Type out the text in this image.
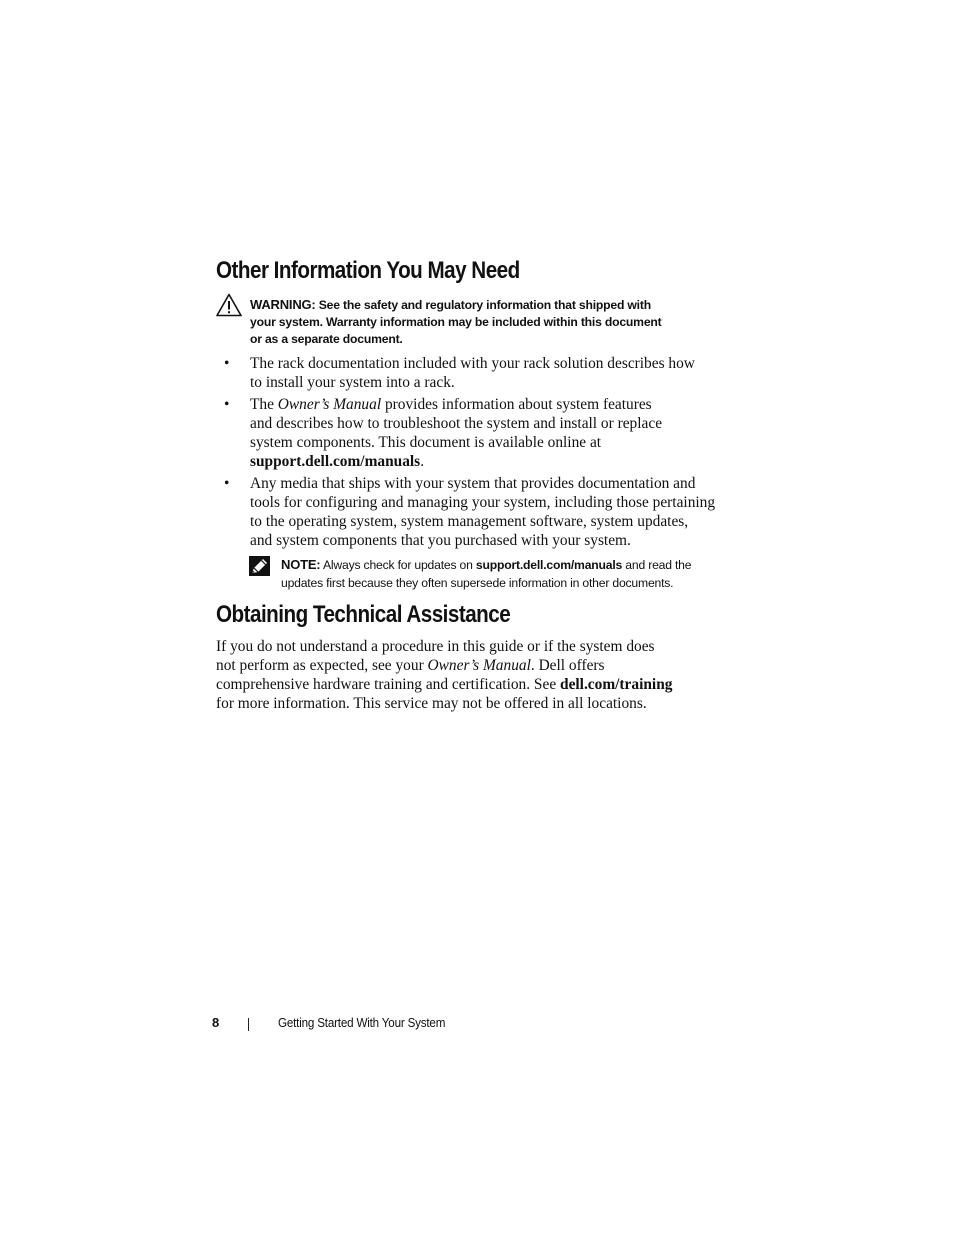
Other Information You May Need
WARNING: See the safety and regulatory information that shipped with
your system. Warranty information may be included within this document
or as a separate document.
• The rack documentation included with your rack solution describes how
to install your system into a rack.
• The Owner’s Manual provides information about system features
and describes how to troubleshoot the system and install or replace
system components. This document is available online at
support.dell.com/manuals.
• Any media that ships with your system that provides documentation and
tools for configuring and managing your system, including those pertaining
to the operating system, system management software, system updates,
and system components that you purchased with your system.
NOTE: Always check for updates on support.dell.com/manuals and read the
updates first because they often supersede information in other documents.
Obtaining Technical Assistance

If you do not understand a procedure in this guide or if the system does
not perform as expected, see your Owner’s Manual. Dell offers
comprehensive hardware training and certification. See dell.com/training
for more information. This service may not be offered in all locations.

8	Getting Started With Your System
